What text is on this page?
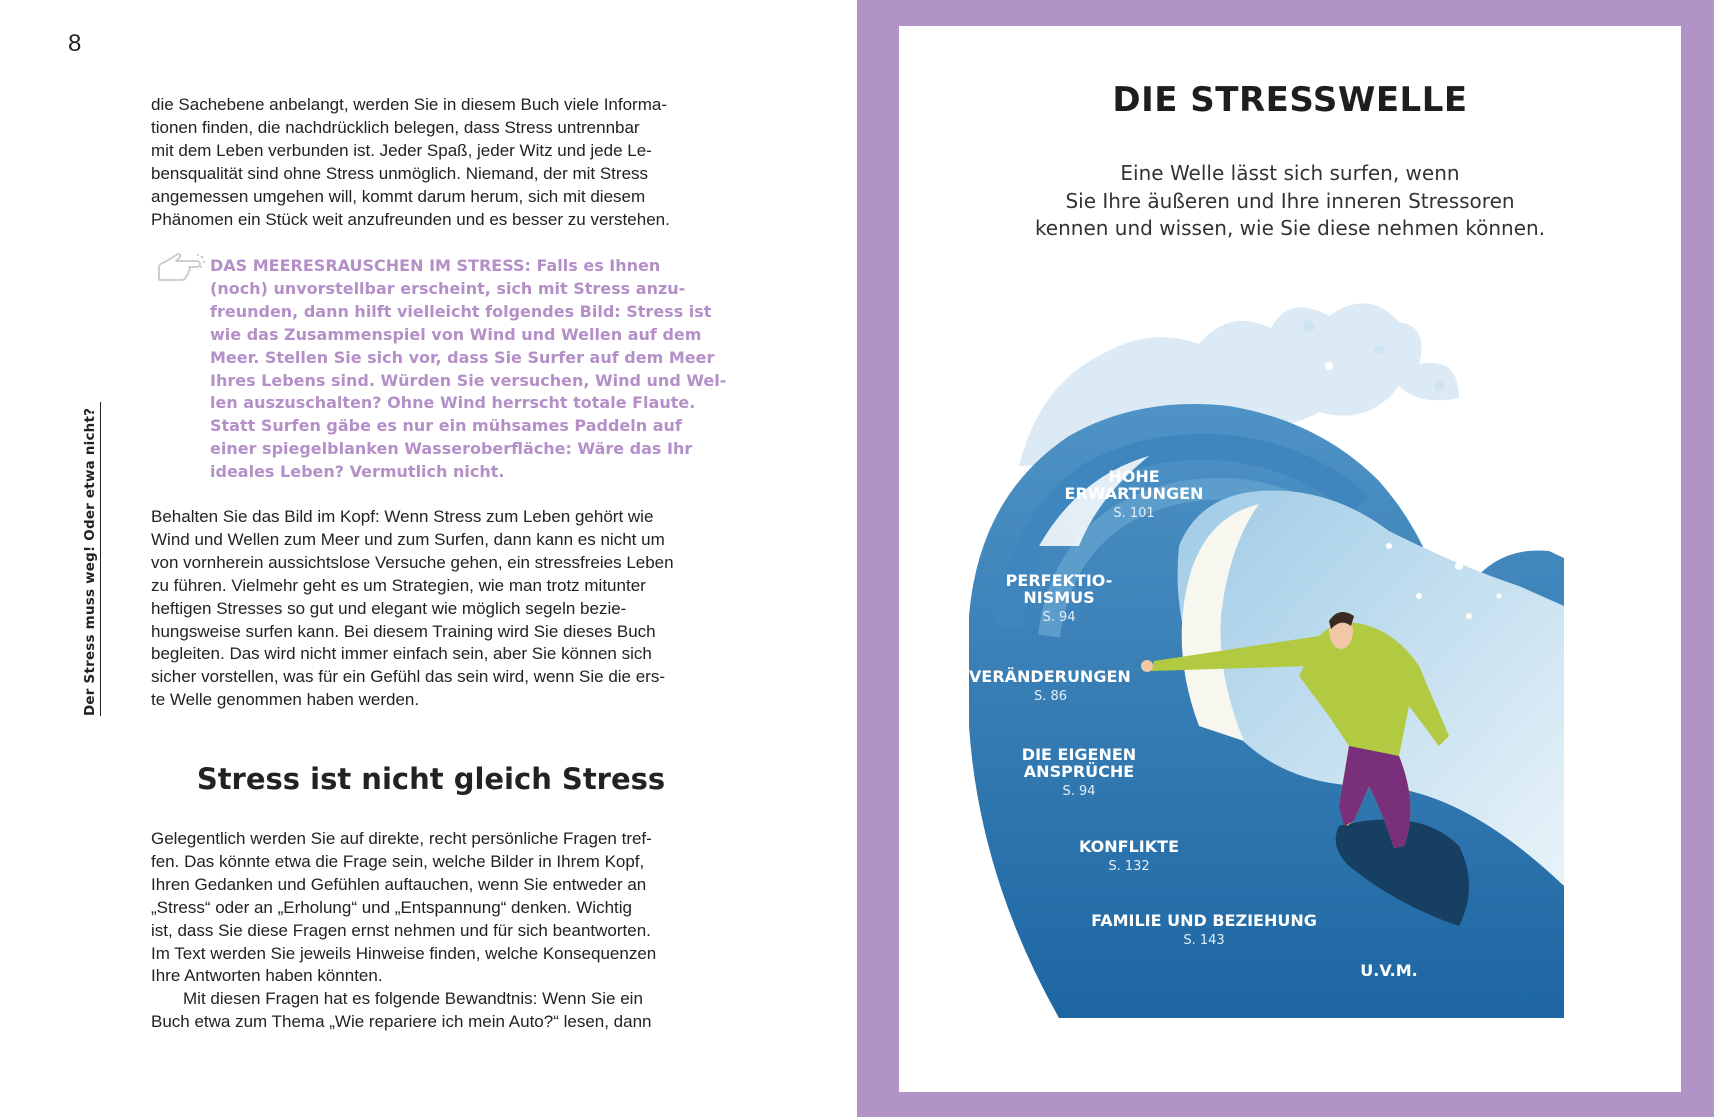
8
Der Stress muss weg! Oder etwa nicht?

die Sachebene anbelangt, werden Sie in diesem Buch viele Informa-
tionen finden, die nachdrücklich belegen, dass Stress untrennbar
mit dem Leben verbunden ist. Jeder Spaß, jeder Witz und jede Le-
bensqualität sind ohne Stress unmöglich. Niemand, der mit Stress
angemessen umgehen will, kommt darum herum, sich mit diesem
Phänomen ein Stück weit anzufreunden und es besser zu verstehen.

DAS MEERESRAUSCHEN IM STRESS: Falls es Ihnen
(noch) unvorstellbar erscheint, sich mit Stress anzu-
freunden, dann hilft vielleicht folgendes Bild: Stress ist
wie das Zusammenspiel von Wind und Wellen auf dem
Meer. Stellen Sie sich vor, dass Sie Surfer auf dem Meer
Ihres Lebens sind. Würden Sie versuchen, Wind und Wel-
len auszuschalten? Ohne Wind herrscht totale Flaute.
Statt Surfen gäbe es nur ein mühsames Paddeln auf
einer spiegelblanken Wasseroberfläche: Wäre das Ihr
ideales Leben? Vermutlich nicht.

Behalten Sie das Bild im Kopf: Wenn Stress zum Leben gehört wie
Wind und Wellen zum Meer und zum Surfen, dann kann es nicht um
von vornherein aussichtslose Versuche gehen, ein stressfreies Leben
zu führen. Vielmehr geht es um Strategien, wie man trotz mitunter
heftigen Stresses so gut und elegant wie möglich segeln bezie-
hungsweise surfen kann. Bei diesem Training wird Sie dieses Buch
begleiten. Das wird nicht immer einfach sein, aber Sie können sich
sicher vorstellen, was für ein Gefühl das sein wird, wenn Sie die ers-
te Welle genommen haben werden.

Stress ist nicht gleich Stress

Gelegentlich werden Sie auf direkte, recht persönliche Fragen tref-
fen. Das könnte etwa die Frage sein, welche Bilder in Ihrem Kopf,
Ihren Gedanken und Gefühlen auftauchen, wenn Sie entweder an
„Stress“ oder an „Erholung“ und „Entspannung“ denken. Wichtig
ist, dass Sie diese Fragen ernst nehmen und für sich beantworten.
Im Text werden Sie jeweils Hinweise finden, welche Konsequenzen
Ihre Antworten haben könnten.
Mit diesen Fragen hat es folgende Bewandtnis: Wenn Sie ein
Buch etwa zum Thema „Wie repariere ich mein Auto?“ lesen, dann

DIE STRESSWELLE

Eine Welle lässt sich surfen, wenn
Sie Ihre äußeren und Ihre inneren Stressoren
kennen und wissen, wie Sie diese nehmen können.

HOHE
ERWARTUNGEN
S. 101
PERFEKTIO-
NISMUS
S. 94
VERÄNDERUNGEN
S. 86
DIE EIGENEN
ANSPRÜCHE
S. 94
KONFLIKTE
S. 132
FAMILIE UND BEZIEHUNG
S. 143
U.V.M.
